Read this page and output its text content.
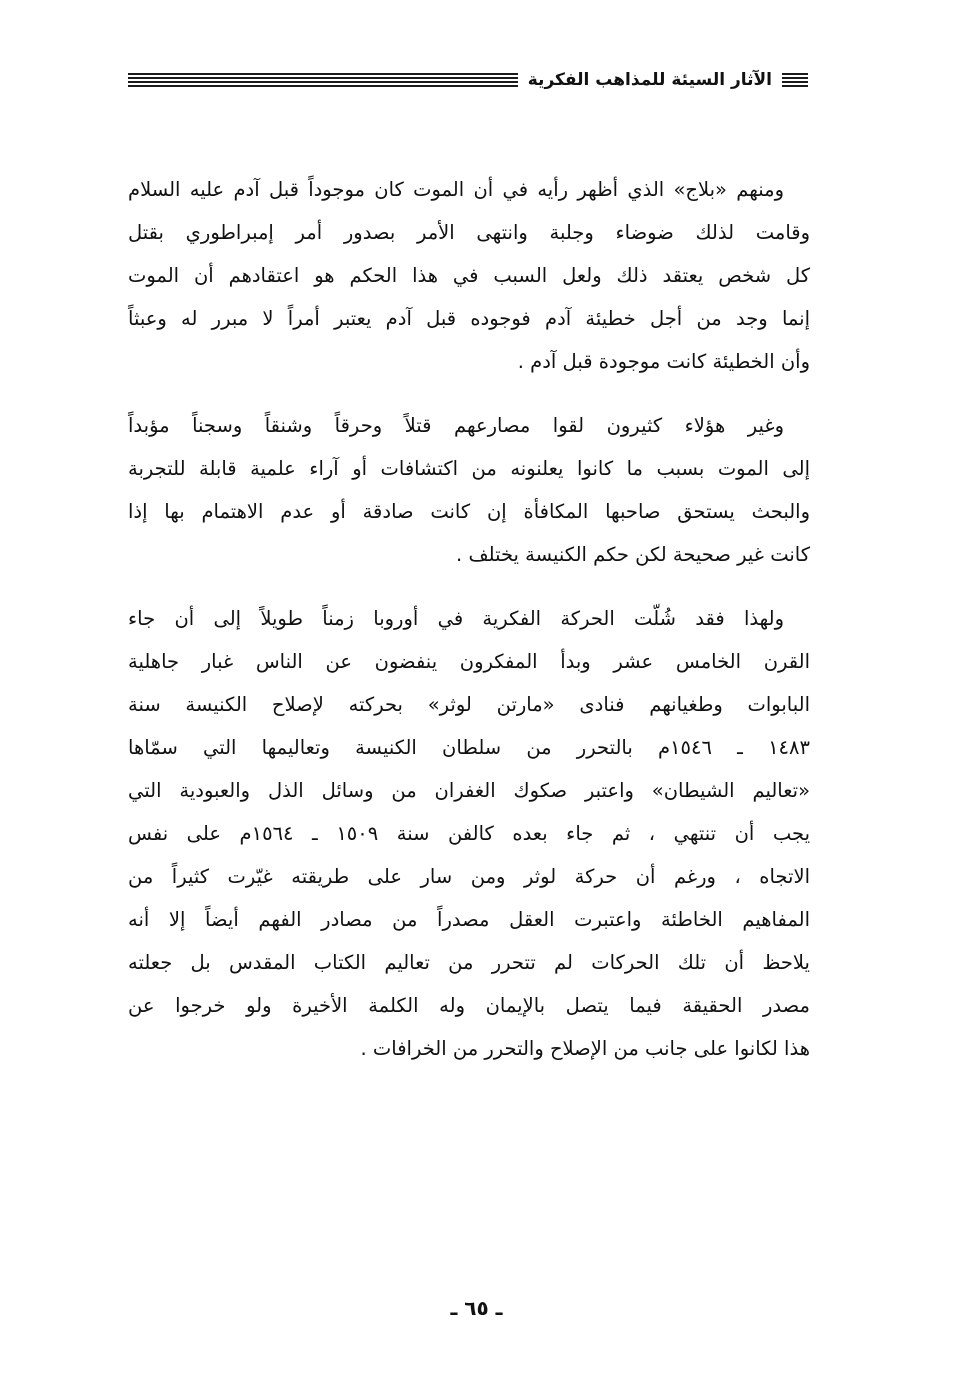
الآثار السيئة للمذاهب الفكرية
ومنهم «بلاج» الذي أظهر رأيه في أن الموت كان موجوداً قبل آدم عليه السلام
وقامت لذلك ضوضاء وجلبة وانتهى الأمر بصدور أمر إمبراطوري بقتل
كل شخص يعتقد ذلك ولعل السبب في هذا الحكم هو اعتقادهم أن الموت
إنما وجد من أجل خطيئة آدم فوجوده قبل آدم يعتبر أمراً لا مبرر له وعبثاً
وأن الخطيئة كانت موجودة قبل آدم .
وغير هؤلاء كثيرون لقوا مصارعهم قتلاً وحرقاً وشنقاً وسجناً مؤبداً
إلى الموت بسبب ما كانوا يعلنونه من اكتشافات أو آراء علمية قابلة للتجربة
والبحث يستحق صاحبها المكافأة إن كانت صادقة أو عدم الاهتمام بها إذا
كانت غير صحيحة لكن حكم الكنيسة يختلف .
ولهذا فقد شُلّت الحركة الفكرية في أوروبا زمناً طويلاً إلى أن جاء
القرن الخامس عشر وبدأ المفكرون ينفضون عن الناس غبار جاهلية
البابوات وطغيانهم فنادى «مارتن لوثر» بحركته لإصلاح الكنيسة سنة
١٤٨٣ ـ ١٥٤٦م بالتحرر من سلطان الكنيسة وتعاليمها التي سمّاها
«تعاليم الشيطان» واعتبر صكوك الغفران من وسائل الذل والعبودية التي
يجب أن تنتهي ، ثم جاء بعده كالفن سنة ١٥٠٩ ـ ١٥٦٤م على نفس
الاتجاه ، ورغم أن حركة لوثر ومن سار على طريقته غيّرت كثيراً من
المفاهيم الخاطئة واعتبرت العقل مصدراً من مصادر الفهم أيضاً إلا أنه
يلاحظ أن تلك الحركات لم تتحرر من تعاليم الكتاب المقدس بل جعلته
مصدر الحقيقة فيما يتصل بالإيمان وله الكلمة الأخيرة ولو خرجوا عن
هذا لكانوا على جانب من الإصلاح والتحرر من الخرافات .
ـ ٦٥ ـ
